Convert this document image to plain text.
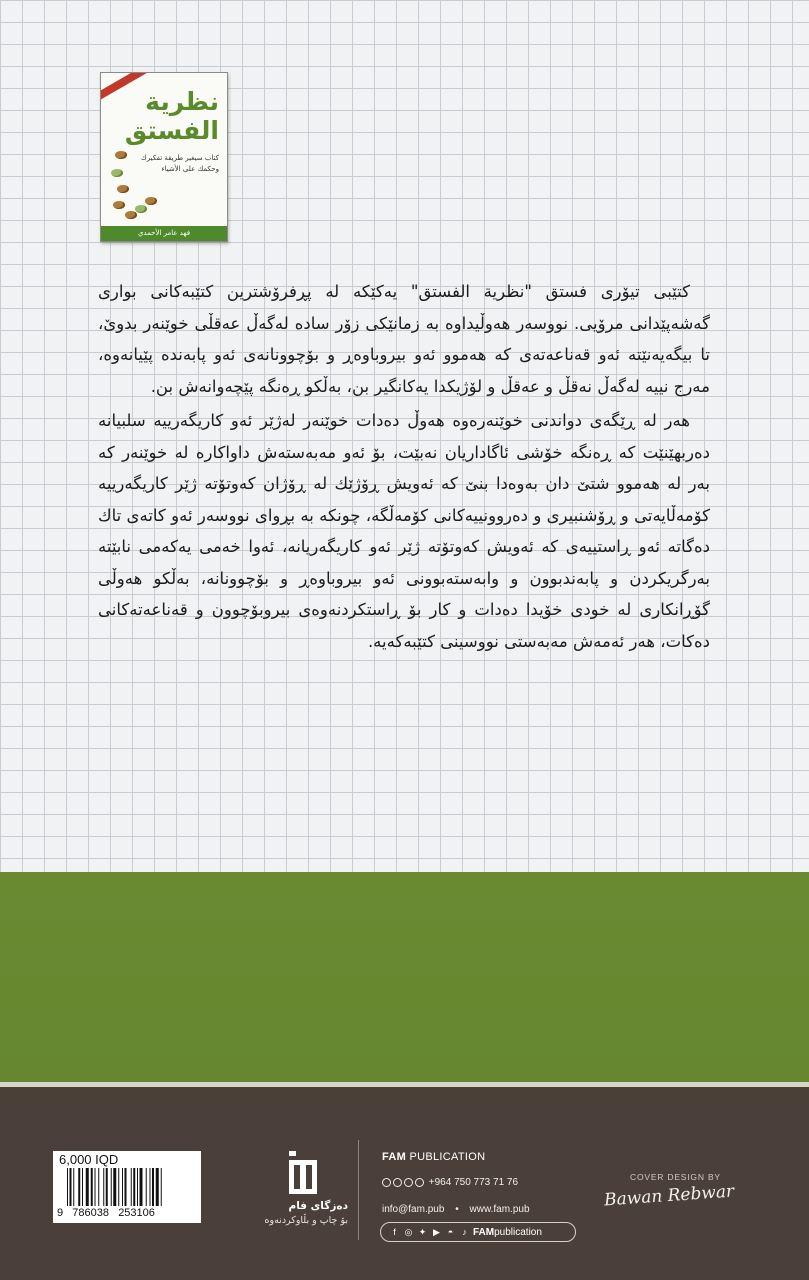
نظرية
الفستق
كتاب سيغير طريقة تفكيرك وحكمك على الأشياء
فهد عامر الأحمدي

کتێبی تیۆری فستق "نظرية الفستق" یەکێکە لە پڕفرۆشترین کتێبەکانی بواری گەشەپێدانی مرۆیی. نووسەر هەوڵیداوە بە زمانێکی زۆر سادە لەگەڵ عەقڵی خوێنەر بدوێ، تا بیگەیەنێتە ئەو قەناعەتەی کە هەموو ئەو بیروباوەڕ و بۆچوونانەی ئەو پابەندە پێیانەوە، مەرج نییە لەگەڵ نەقڵ و عەقڵ و لۆژیکدا یەکانگیر بن، بەڵکو ڕەنگە پێچەوانەش بن.

هەر لە ڕێگەی دواندنی خوێنەرەوە هەوڵ دەدات خوێنەر لەژێر ئەو کاریگەرییە سلبیانە دەربهێنێت کە ڕەنگە خۆشی ئاگاداریان نەبێت، بۆ ئەو مەبەستەش داواکارە لە خوێنەر کە بەر لە هەموو شتێ دان بەوەدا بنێ کە ئەویش ڕۆژێك لە ڕۆژان کەوتۆتە ژێر کاریگەرییە کۆمەڵایەتی و ڕۆشنبیری و دەروونییەکانی کۆمەڵگە، چونکە بە بڕوای نووسەر ئەو کاتەی تاك دەگاتە ئەو ڕاستییەی کە ئەویش کەوتۆتە ژێر ئەو کاریگەریانە، ئەوا خەمی یەکەمی نابێتە بەرگریکردن و پابەندبوون و وابەستەبوونی ئەو بیروباوەڕ و بۆچوونانە، بەڵکو هەوڵی گۆڕانکاری لە خودی خۆیدا دەدات و کار بۆ ڕاستکردنەوەی بیروبۆچوون و قەناعەتەکانی دەکات، هەر ئەمەش مەبەستی نووسینی کتێبەکەیە.

6,000 IQD
9 786038 253106
دەزگای فام
بۆ چاپ و بڵاوکردنەوە
FAM PUBLICATION
+964 750 773 71 76
info@fam.pub • www.fam.pub
f ◎ ✦ ▶ ◓ ♪ FAMpublication
COVER DESIGN BY
Bawan Rebwar
